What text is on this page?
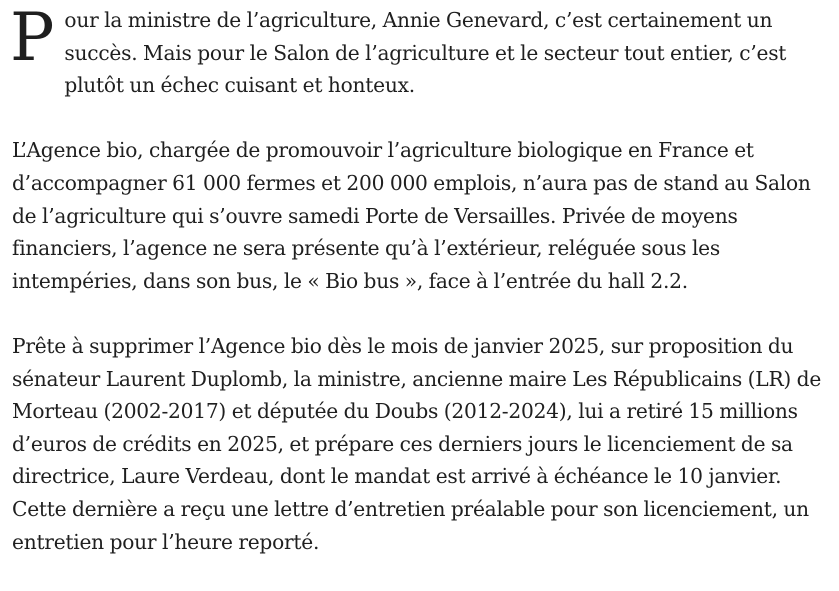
Pour la ministre de l’agriculture, Annie Genevard, c’est certainement un succès. Mais pour le Salon de l’agriculture et le secteur tout entier, c’est plutôt un échec cuisant et honteux.

L’Agence bio, chargée de promouvoir l’agriculture biologique en France et d’accompagner 61 000 fermes et 200 000 emplois, n’aura pas de stand au Salon de l’agriculture qui s’ouvre samedi Porte de Versailles. Privée de moyens financiers, l’agence ne sera présente qu’à l’extérieur, reléguée sous les intempéries, dans son bus, le « Bio bus », face à l’entrée du hall 2.2.

Prête à supprimer l’Agence bio dès le mois de janvier 2025, sur proposition du sénateur Laurent Duplomb, la ministre, ancienne maire Les Républicains (LR) de Morteau (2002-2017) et députée du Doubs (2012-2024), lui a retiré 15 millions d’euros de crédits en 2025, et prépare ces derniers jours le licenciement de sa directrice, Laure Verdeau, dont le mandat est arrivé à échéance le 10 janvier. Cette dernière a reçu une lettre d’entretien préalable pour son licenciement, un entretien pour l’heure reporté.
